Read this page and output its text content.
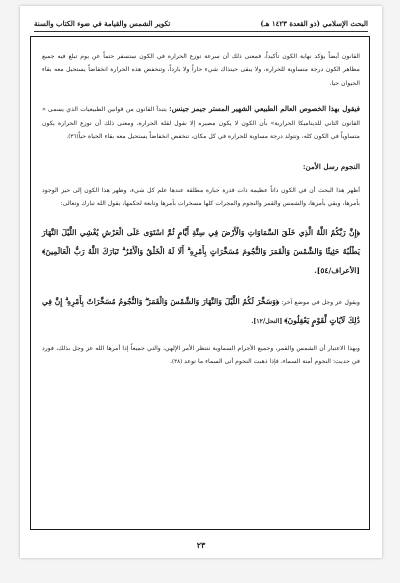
البحث الإسلامي (ذو القعدة ١٤٢٣ هـ)
تكوير الشمس والقيامة في ضوء الكتاب والسنة

القانون أيضاً يؤكد نهاية الكون تأكيداً، فمعنى ذلك أن سرعة توزع الحرارة في الكون ستسفر حتماً عن يوم تبلغ فيه جميع مظاهر الكون درجة متساوية للحرارة، ولا يبقى حينذاك شيء حاراً ولا بارداً، وتنخفض هذه الحرارة انخفاضاً يستحيل معه بقاء الحيوان حيا.

فيقول بهذا الخصوص العالم الطبيعي الشهير المستر جيمز جينس: يتبدأ القانون من قوانين الطبيعيات الذي يسمى « القانون الثاني للديناميكا الحرارية» بأن الكون لا يكون مصيره إلا نقول لقلة الحرارة، ومعنى ذلك أن توزع الحرارة يكون متساوياً في الكون كله، وتتولد درجة مساوية للحرارة في كل مكان، تنخفض انخفاضاً يستحيل معه بقاء الحياة حياً(٣٦).

النجوم رسل الأمن:

أظهر هذا البحث أن في الكون ذاتاً عظيمة ذات قدرة جبارة مطلقة عندها علم كل شيء، وظهر هذا الكون إلى حيز الوجود بأمرها، وبقي بأمرها، والشمس والقمر والنجوم والمجرات كلها مسخرات بأمرها وتابعة لحكمها، يقول الله تبارك وتعالى:

﴿إِنَّ رَبَّكُمُ اللَّهُ الَّذِي خَلَقَ السَّمَاوَاتِ وَالْأَرْضَ فِي سِتَّةِ أَيَّامٍ ثُمَّ اسْتَوَى عَلَى الْعَرْشِ يُغْشِي اللَّيْلَ النَّهَارَ يَطْلُبُهُ حَثِيثًا وَالشَّمْسَ وَالْقَمَرَ وَالنُّجُومَ مُسَخَّرَاتٍ بِأَمْرِهِ ۗ أَلَا لَهُ الْخَلْقُ وَالْأَمْرُ ۗ تَبَارَكَ اللَّهُ رَبُّ الْعَالَمِينَ﴾ [الأعراف/٥٤].

ويقول عز وجل في موضع آخر: ﴿وَسَخَّرَ لَكُمُ اللَّيْلَ وَالنَّهَارَ وَالشَّمْسَ وَالْقَمَرَ ۖ وَالنُّجُومُ مُسَخَّرَاتٌ بِأَمْرِهِ ۗ إِنَّ فِي ذَٰلِكَ لَآيَاتٍ لِّقَوْمٍ يَعْقِلُونَ﴾ [النحل/١٢].

وبهذا الاعتبار أن الشمس والقمر، وجميع الأجرام السماوية تنتظر الأمر الإلهي، والتي جميعاً إذا أمرها الله عز وجل بذلك، فورد في حديث: النجوم أمنة السماء، فإذا ذهبت النجوم أتى السماء ما توعد (٣٨).

٢٣
